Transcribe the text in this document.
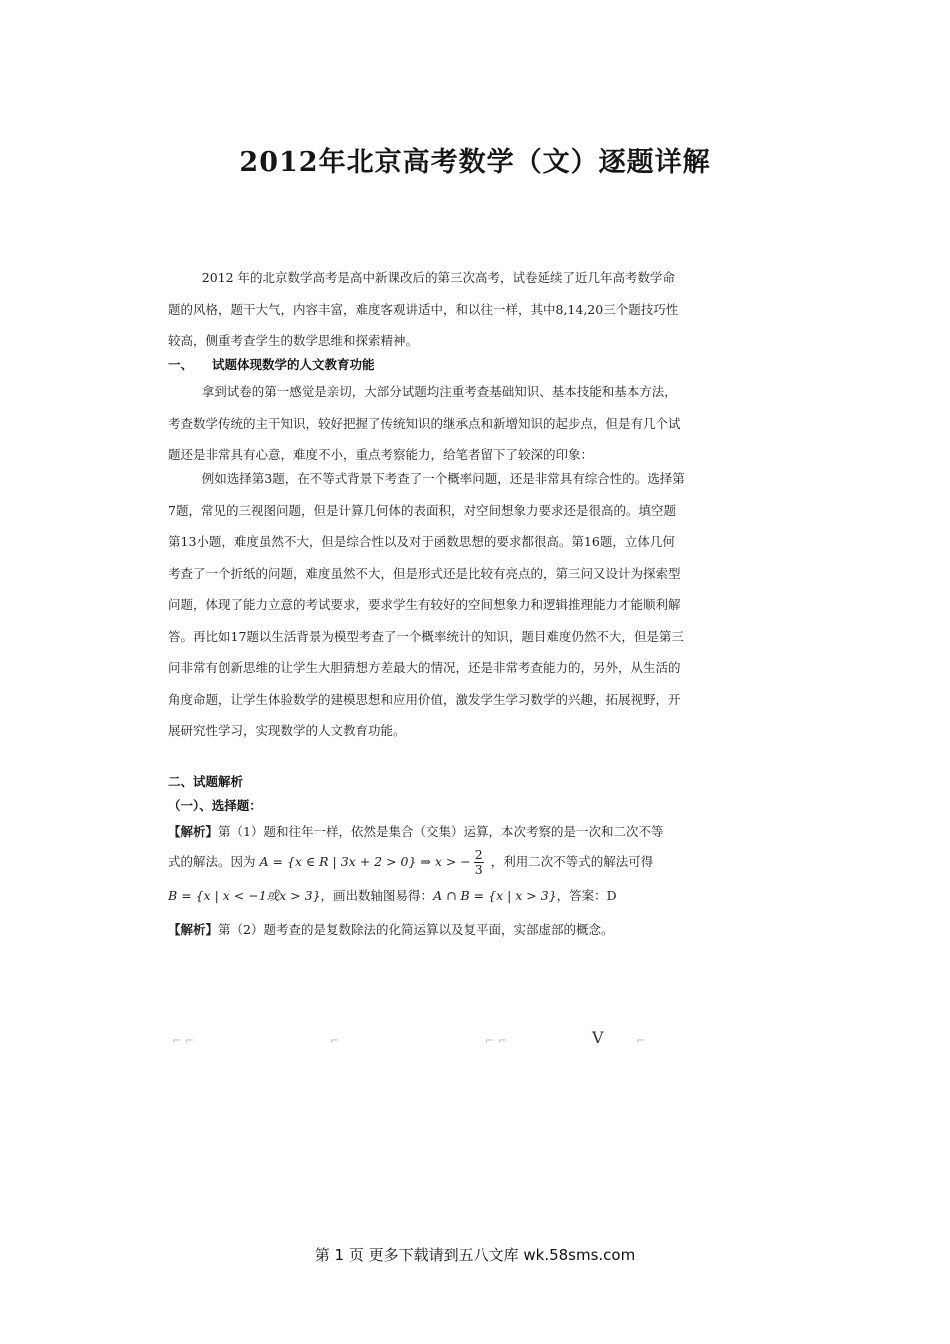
2012年北京高考数学（文）逐题详解
2012 年的北京数学高考是高中新课改后的第三次高考，试卷延续了近几年高考数学命题的风格，题干大气，内容丰富，难度客观讲适中，和以往一样，其中8,14,20三个题技巧性较高，侧重考查学生的数学思维和探索精神。
一、 试题体现数学的人文教育功能
拿到试卷的第一感觉是亲切，大部分试题均注重考查基础知识、基本技能和基本方法，考查数学传统的主干知识，较好把握了传统知识的继承点和新增知识的起步点，但是有几个试题还是非常具有心意，难度不小，重点考察能力，给笔者留下了较深的印象：
例如选择第3题，在不等式背景下考查了一个概率问题，还是非常具有综合性的。选择第7题，常见的三视图问题，但是计算几何体的表面积，对空间想象力要求还是很高的。填空题第13小题，难度虽然不大，但是综合性以及对于函数思想的要求都很高。第16题，立体几何考查了一个折纸的问题，难度虽然不大，但是形式还是比较有亮点的，第三问又设计为探索型问题，体现了能力立意的考试要求，要求学生有较好的空间想象力和逻辑推理能力才能顺利解答。再比如17题以生活背景为模型考查了一个概率统计的知识，题目难度仍然不大，但是第三问非常有创新思维的让学生大胆猜想方差最大的情况，还是非常考查能力的，另外，从生活的角度命题，让学生体验数学的建模思想和应用价值，激发学生学习数学的兴趣，拓展视野，开展研究性学习，实现数学的人文教育功能。
二、试题解析
（一）、选择题：
【解析】第（1）题和往年一样，依然是集合（交集）运算，本次考察的是一次和二次不等
式的解法。因为 A = {x ∈ R | 3x + 2 > 0} ⇒ x > − $\frac{2}{3}$ ，利用二次不等式的解法可得
B = {x | x < −1或x > 3}，画出数轴图易得：A ∩ B = {x | x > 3}，答案：D
【解析】第（2）题考查的是复数除法的化简运算以及复平面，实部虚部的概念。
⌐ ⌐	⌐	⌐ ⌐	Ⅴ	⌐
第 1 页 更多下载请到五八文库 wk.58sms.com
